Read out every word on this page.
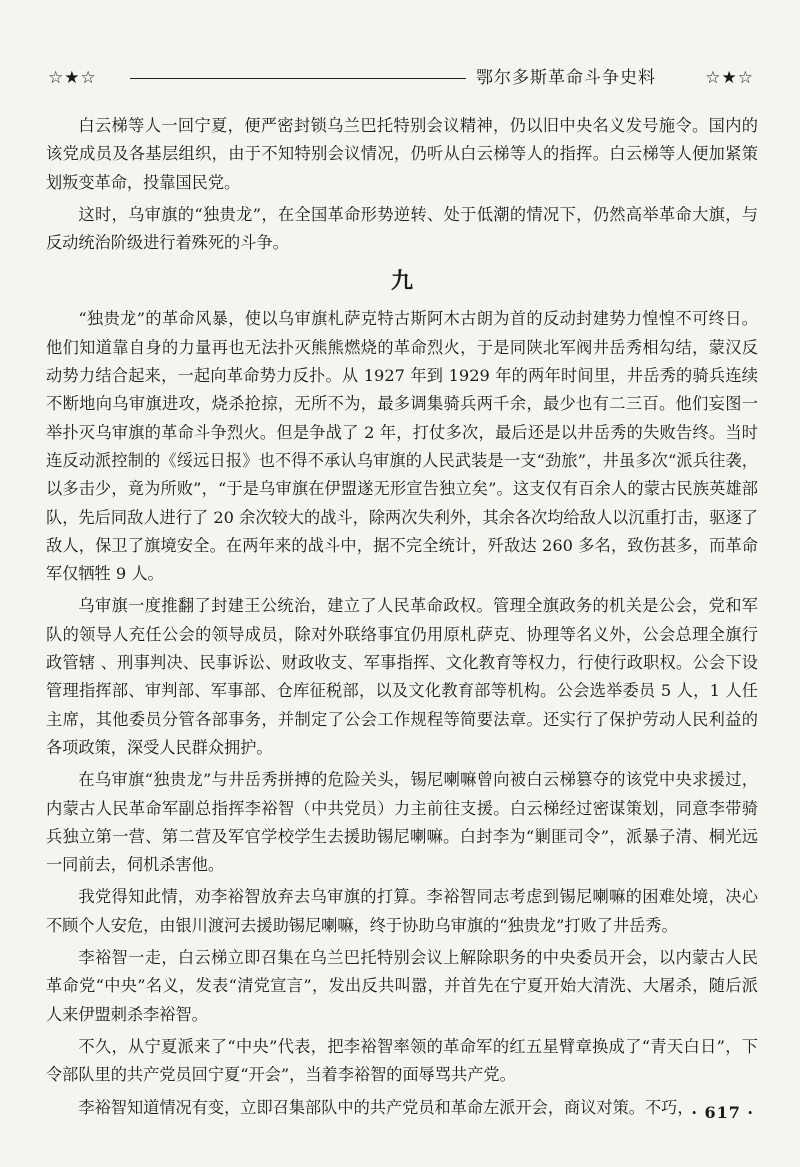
☆★☆	鄂尔多斯革命斗争史料	☆★☆

白云梯等人一回宁夏，便严密封锁乌兰巴托特别会议精神，仍以旧中央名义发号施令。国内的该党成员及各基层组织，由于不知特别会议情况，仍听从白云梯等人的指挥。白云梯等人便加紧策划叛变革命，投靠国民党。

这时，乌审旗的“独贵龙”，在全国革命形势逆转、处于低潮的情况下，仍然高举革命大旗，与反动统治阶级进行着殊死的斗争。

九

“独贵龙”的革命风暴，使以乌审旗札萨克特古斯阿木古朗为首的反动封建势力惶惶不可终日。他们知道靠自身的力量再也无法扑灭熊熊燃烧的革命烈火，于是同陕北军阀井岳秀相勾结，蒙汉反动势力结合起来，一起向革命势力反扑。从 1927 年到 1929 年的两年时间里，井岳秀的骑兵连续不断地向乌审旗进攻，烧杀抢掠，无所不为，最多调集骑兵两千余，最少也有二三百。他们妄图一举扑灭乌审旗的革命斗争烈火。但是争战了 2 年，打仗多次，最后还是以井岳秀的失败告终。当时连反动派控制的《绥远日报》也不得不承认乌审旗的人民武装是一支“劲旅”，井虽多次“派兵往袭，以多击少，竟为所败”，“于是乌审旗在伊盟遂无形宣告独立矣”。这支仅有百余人的蒙古民族英雄部队，先后同敌人进行了 20 余次较大的战斗，除两次失利外，其余各次均给敌人以沉重打击，驱逐了敌人，保卫了旗境安全。在两年来的战斗中，据不完全统计，歼敌达 260 多名，致伤甚多，而革命军仅牺牲 9 人。

乌审旗一度推翻了封建王公统治，建立了人民革命政权。管理全旗政务的机关是公会，党和军队的领导人充任公会的领导成员，除对外联络事宜仍用原札萨克、协理等名义外，公会总理全旗行政管辖 、刑事判决、民事诉讼、财政收支、军事指挥、文化教育等权力，行使行政职权。公会下设管理指挥部、审判部、军事部、仓库征税部，以及文化教育部等机构。公会选举委员 5 人，1 人任主席，其他委员分管各部事务，并制定了公会工作规程等简要法章。还实行了保护劳动人民利益的各项政策，深受人民群众拥护。

在乌审旗“独贵龙”与井岳秀拼搏的危险关头，锡尼喇嘛曾向被白云梯篡夺的该党中央求援过，内蒙古人民革命军副总指挥李裕智（中共党员）力主前往支援。白云梯经过密谋策划，同意李带骑兵独立第一营、第二营及军官学校学生去援助锡尼喇嘛。白封李为“剿匪司令”，派暴子清、桐光远一同前去，伺机杀害他。

我党得知此情，劝李裕智放弃去乌审旗的打算。李裕智同志考虑到锡尼喇嘛的困难处境，决心不顾个人安危，由银川渡河去援助锡尼喇嘛，终于协助乌审旗的“独贵龙”打败了井岳秀。

李裕智一走，白云梯立即召集在乌兰巴托特别会议上解除职务的中央委员开会，以内蒙古人民革命党“中央”名义，发表“清党宣言”，发出反共叫嚣，并首先在宁夏开始大清洗、大屠杀，随后派人来伊盟刺杀李裕智。

不久，从宁夏派来了“中央”代表，把李裕智率领的革命军的红五星臂章换成了“青天白日”，下令部队里的共产党员回宁夏“开会”，当着李裕智的面辱骂共产党。

李裕智知道情况有变，立即召集部队中的共产党员和革命左派开会，商议对策。不巧，

· 617 ·
